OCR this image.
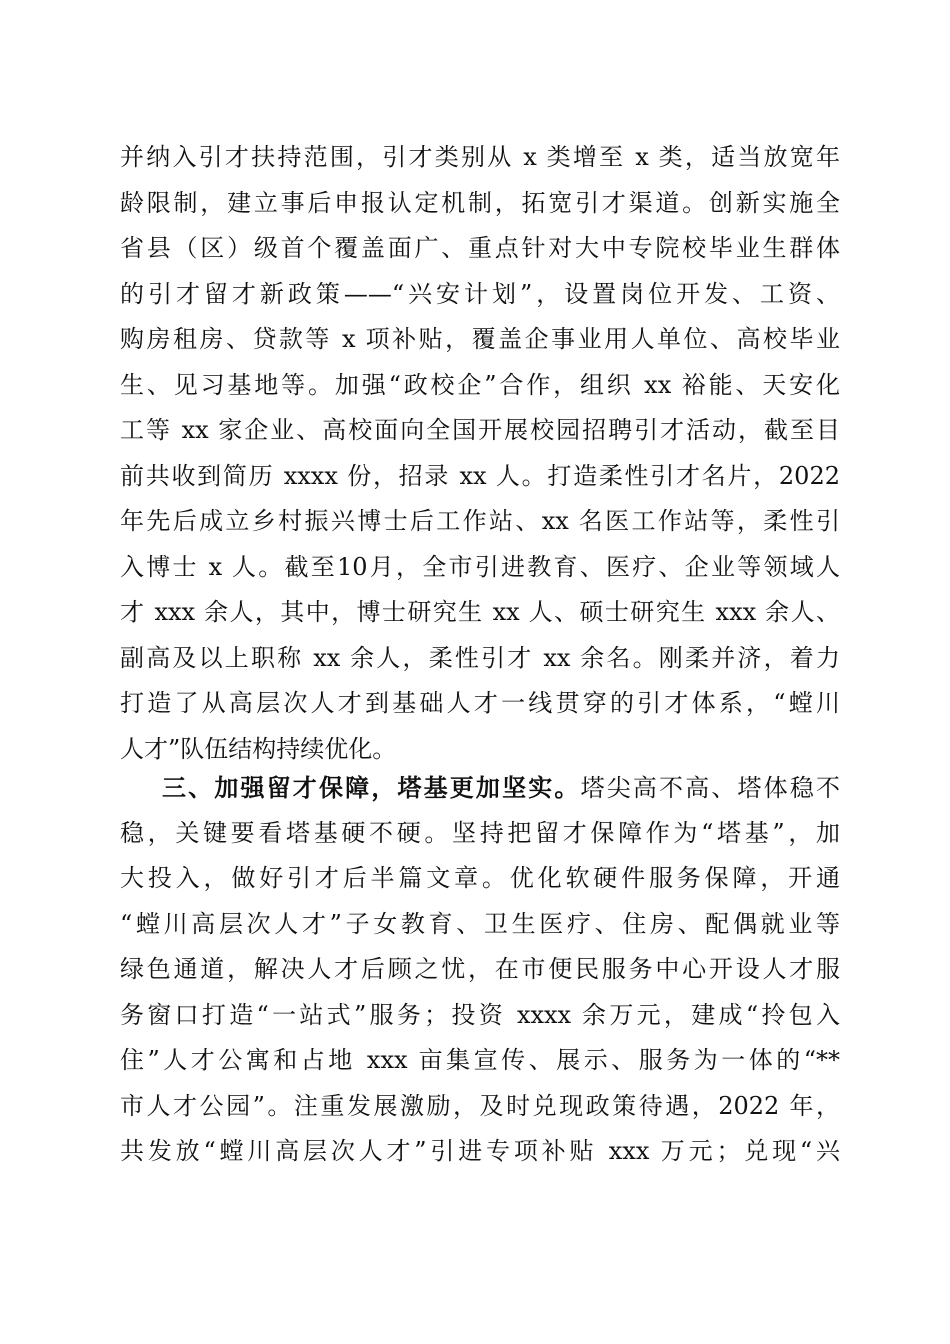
并纳入引才扶持范围，引才类别从 x 类增至 x 类，适当放宽年
龄限制，建立事后申报认定机制，拓宽引才渠道。创新实施全
省县（区）级首个覆盖面广、重点针对大中专院校毕业生群体
的引才留才新政策——“兴安计划”，设置岗位开发、工资、
购房租房、贷款等 x 项补贴，覆盖企事业用人单位、高校毕业
生、见习基地等。加强“政校企”合作，组织 xx 裕能、天安化
工等 xx 家企业、高校面向全国开展校园招聘引才活动，截至目
前共收到简历 xxxx 份，招录 xx 人。打造柔性引才名片，2022
年先后成立乡村振兴博士后工作站、xx 名医工作站等，柔性引
入博士 x 人。截至10月，全市引进教育、医疗、企业等领域人
才 xxx 余人，其中，博士研究生 xx 人、硕士研究生 xxx 余人、
副高及以上职称 xx 余人，柔性引才 xx 余名。刚柔并济，着力
打造了从高层次人才到基础人才一线贯穿的引才体系，“螳川
人才”队伍结构持续优化。
三、加强留才保障，塔基更加坚实。塔尖高不高、塔体稳不
稳，关键要看塔基硬不硬。坚持把留才保障作为“塔基”，加
大投入，做好引才后半篇文章。优化软硬件服务保障，开通
“螳川高层次人才”子女教育、卫生医疗、住房、配偶就业等
绿色通道，解决人才后顾之忧，在市便民服务中心开设人才服
务窗口打造“一站式”服务；投资 xxxx 余万元，建成“拎包入
住”人才公寓和占地 xxx 亩集宣传、展示、服务为一体的“**
市人才公园”。注重发展激励，及时兑现政策待遇，2022 年，
共发放“螳川高层次人才”引进专项补贴 xxx 万元；兑现“兴
